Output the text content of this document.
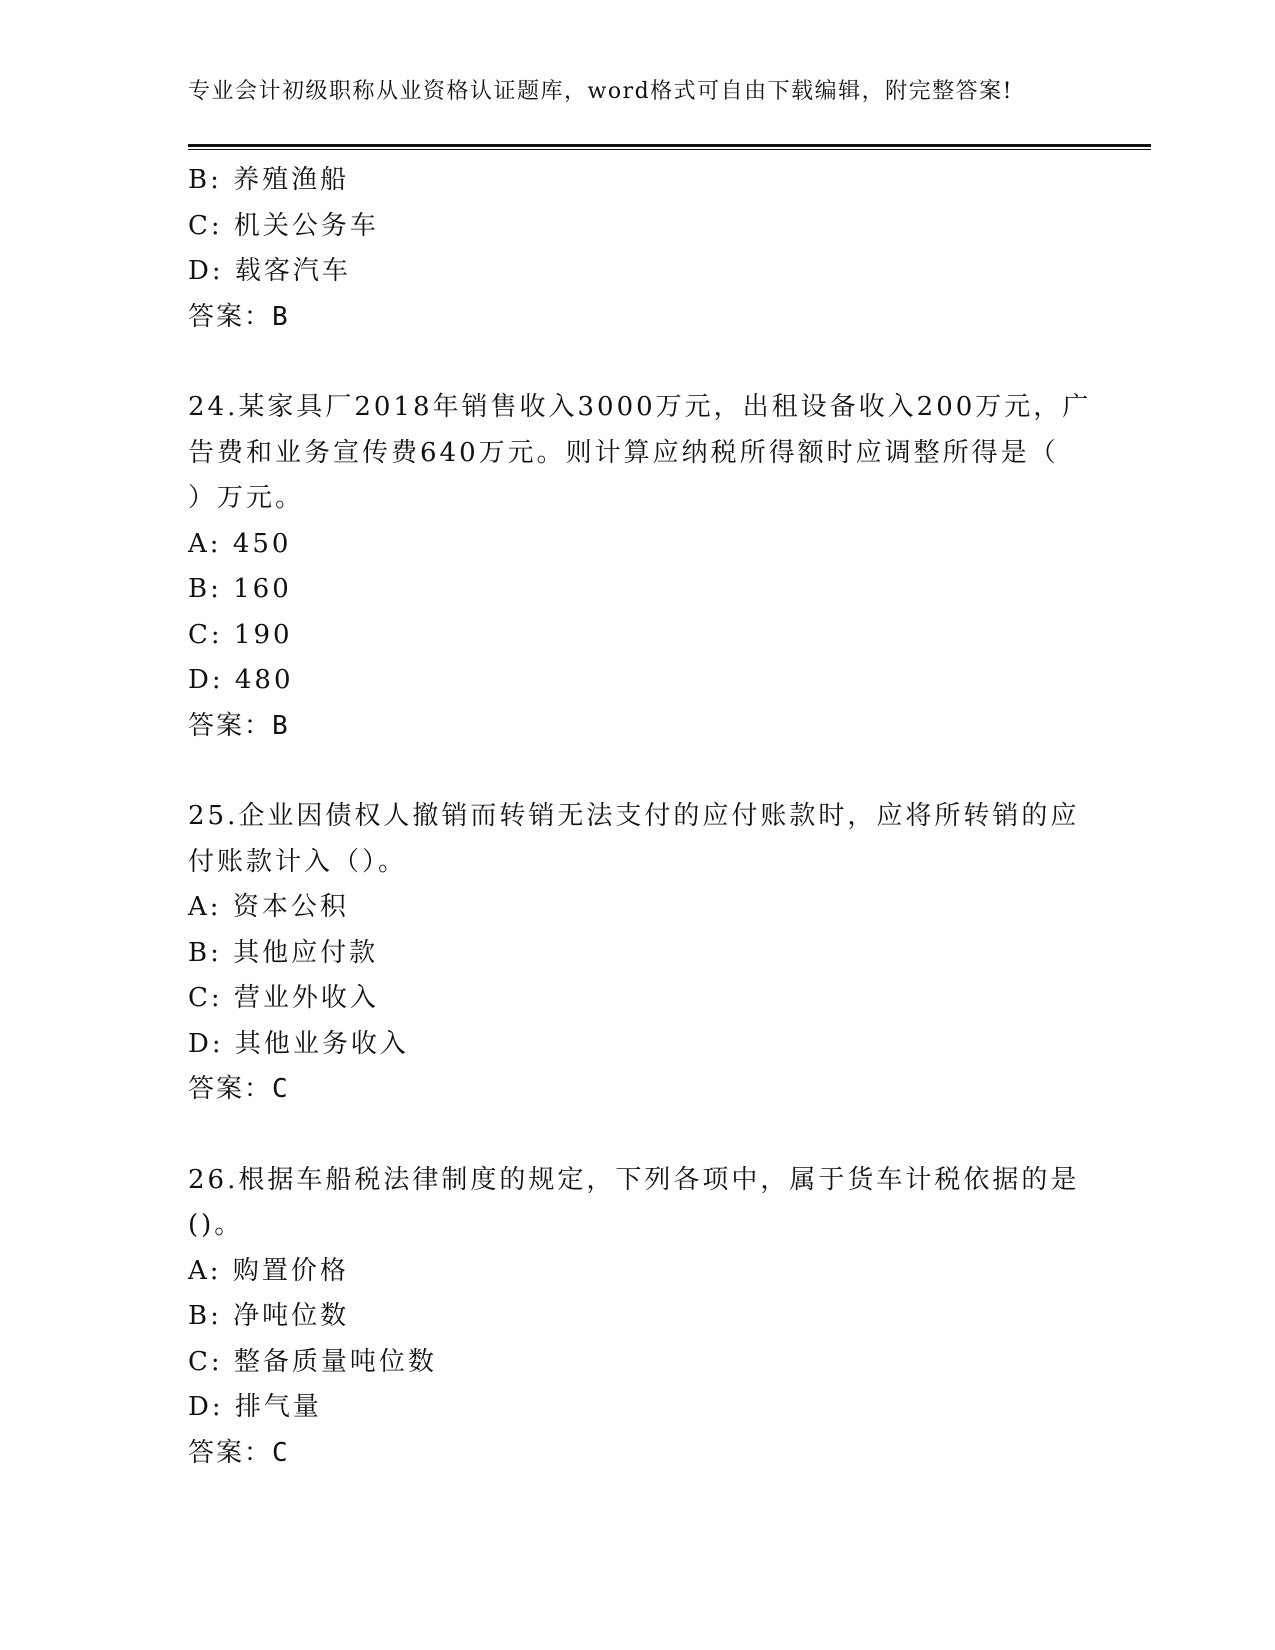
专业会计初级职称从业资格认证题库，word格式可自由下载编辑，附完整答案!
B: 养殖渔船
C: 机关公务车
D: 载客汽车
答案：B
24.某家具厂2018年销售收入3000万元，出租设备收入200万元，广
告费和业务宣传费640万元。则计算应纳税所得额时应调整所得是（
）万元。
A: 450
B: 160
C: 190
D: 480
答案：B
25.企业因债权人撤销而转销无法支付的应付账款时，应将所转销的应
付账款计入（）。
A: 资本公积
B: 其他应付款
C: 营业外收入
D: 其他业务收入
答案：C
26.根据车船税法律制度的规定，下列各项中，属于货车计税依据的是
()。
A: 购置价格
B: 净吨位数
C: 整备质量吨位数
D: 排气量
答案：C
